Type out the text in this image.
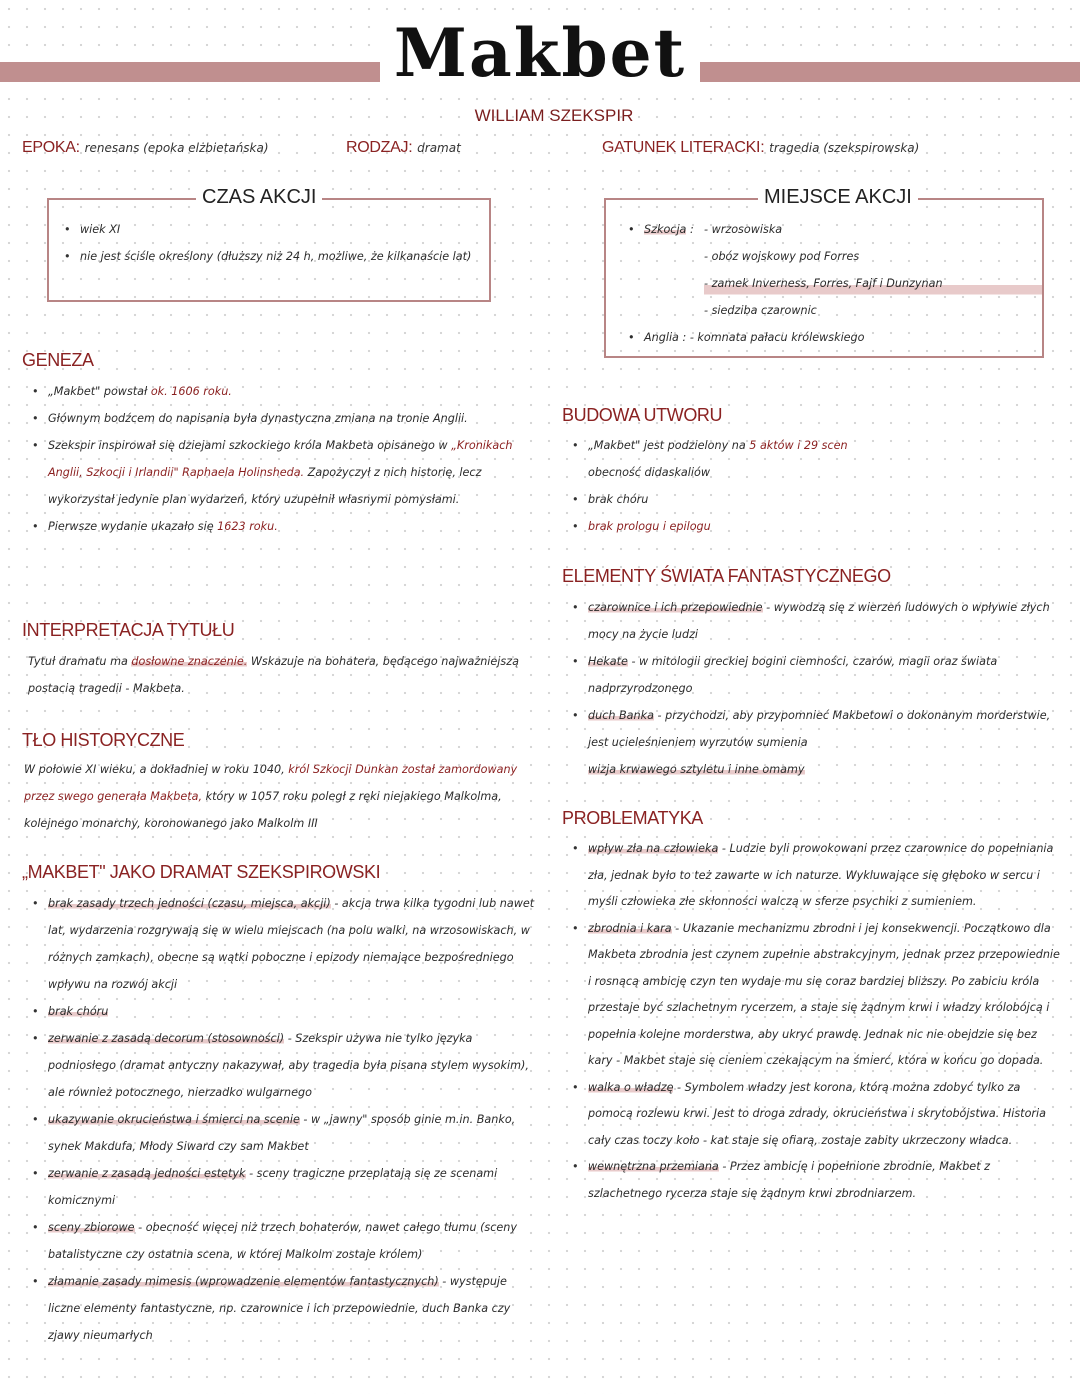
Makbet
WILLIAM SZEKSPIR
EPOKA: renesans (epoka elżbietańska)	RODZAJ: dramat	GATUNEK LITERACKI: tragedia (szekspirowska)
CZAS AKCJI
• wiek XI
• nie jest ściśle określony (dłuższy niż 24 h, możliwe, że kilkanaście lat)
MIEJSCE AKCJI
• Szkocja : - wrzosowiska
- obóz wojskowy pod Forres
- zamek Inverness, Forres, Fajf i Dunzynan
- siedziba czarownic
• Anglia : - komnata pałacu królewskiego
GENEZA
• „Makbet" powstał ok. 1606 roku.
• Głównym bodźcem do napisania była dynastyczna zmiana na tronie Anglii.
• Szekspir inspirował się dziejami szkockiego króla Makbeta opisanego w „Kronikach Anglii, Szkocji i Irlandii" Raphaela Holinsheda. Zapożyczył z nich historię, lecz wykorzystał jedynie plan wydarzeń, który uzupełnił własnymi pomysłami.
• Pierwsze wydanie ukazało się 1623 roku.
INTERPRETACJA TYTUŁU

Tytuł dramatu ma dosłowne znaczenie. Wskazuje na bohatera, będącego najważniejszą postacią tragedii - Makbeta.

TŁO HISTORYCZNE

W połowie XI wieku, a dokładniej w roku 1040, król Szkocji Dunkan został zamordowany przez swego generała Makbeta, który w 1057 roku poległ z ręki niejakiego Malkolma, kolejnego monarchy, koronowanego jako Malkolm III

„MAKBET" JAKO DRAMAT SZEKSPIROWSKI
• brak zasady trzech jedności (czasu, miejsca, akcji) - akcja trwa kilka tygodni lub nawet lat, wydarzenia rozgrywają się w wielu miejscach (na polu walki, na wrzosowiskach, w różnych zamkach), obecne są wątki poboczne i epizody niemające bezpośredniego wpływu na rozwój akcji
• brak chóru
• zerwanie z zasadą decorum (stosowności) - Szekspir używa nie tylko języka podniosłego (dramat antyczny nakazywał, aby tragedia była pisana stylem wysokim), ale również potocznego, nierzadko wulgarnego
• ukazywanie okrucieństwa i śmierci na scenie - w „jawny" sposób ginie m.in. Banko, synek Makdufa, Młody Siward czy sam Makbet
• zerwanie z zasadą jedności estetyk - sceny tragiczne przeplatają się ze scenami komicznymi
• sceny zbiorowe - obecność więcej niż trzech bohaterów, nawet całego tłumu (sceny batalistyczne czy ostatnia scena, w której Malkolm zostaje królem)
• złamanie zasady mimesis (wprowadzenie elementów fantastycznych) - występuje liczne elementy fantastyczne, np. czarownice i ich przepowiednie, duch Banka czy zjawy nieumarłych
BUDOWA UTWORU
• „Makbet" jest podzielony na 5 aktów i 29 scen
obecność didaskaliów
• brak chóru
• brak prologu i epilogu
ELEMENTY ŚWIATA FANTASTYCZNEGO
• czarownice i ich przepowiednie - wywodzą się z wierzeń ludowych o wpływie złych mocy na życie ludzi
• Hekate - w mitologii greckiej bogini ciemności, czarów, magii oraz świata nadprzyrodzonego
• duch Banka - przychodzi, aby przypomnieć Makbetowi o dokonanym morderstwie, jest ucieleśnieniem wyrzutów sumienia
wizja krwawego sztyletu i inne omamy
PROBLEMATYKA
• wpływ zła na człowieka - Ludzie byli prowokowani przez czarownice do popełniania zła, jednak było to też zawarte w ich naturze. Wykluwające się głęboko w sercu i myśli człowieka złe skłonności walczą w sferze psychiki z sumieniem.
• zbrodnia i kara - Ukazanie mechanizmu zbrodni i jej konsekwencji. Początkowo dla Makbeta zbrodnia jest czynem zupełnie abstrakcyjnym, jednak przez przepowiednie i rosnącą ambicję czyn ten wydaje mu się coraz bardziej bliższy. Po zabiciu króla przestaje być szlachetnym rycerzem, a staje się żądnym krwi i władzy królobójcą i popełnia kolejne morderstwa, aby ukryć prawdę. Jednak nic nie obejdzie się bez kary - Makbet staje się cieniem czekającym na śmierć, która w końcu go dopada.
• walka o władzę - Symbolem władzy jest korona, którą można zdobyć tylko za pomocą rozlewu krwi. Jest to droga zdrady, okrucieństwa i skrytobójstwa. Historia cały czas toczy koło - kat staje się ofiarą, zostaje zabity ukrzeczony władca.
• wewnętrzna przemiana - Przez ambicję i popełnione zbrodnie, Makbet z szlachetnego rycerza staje się żądnym krwi zbrodniarzem.
